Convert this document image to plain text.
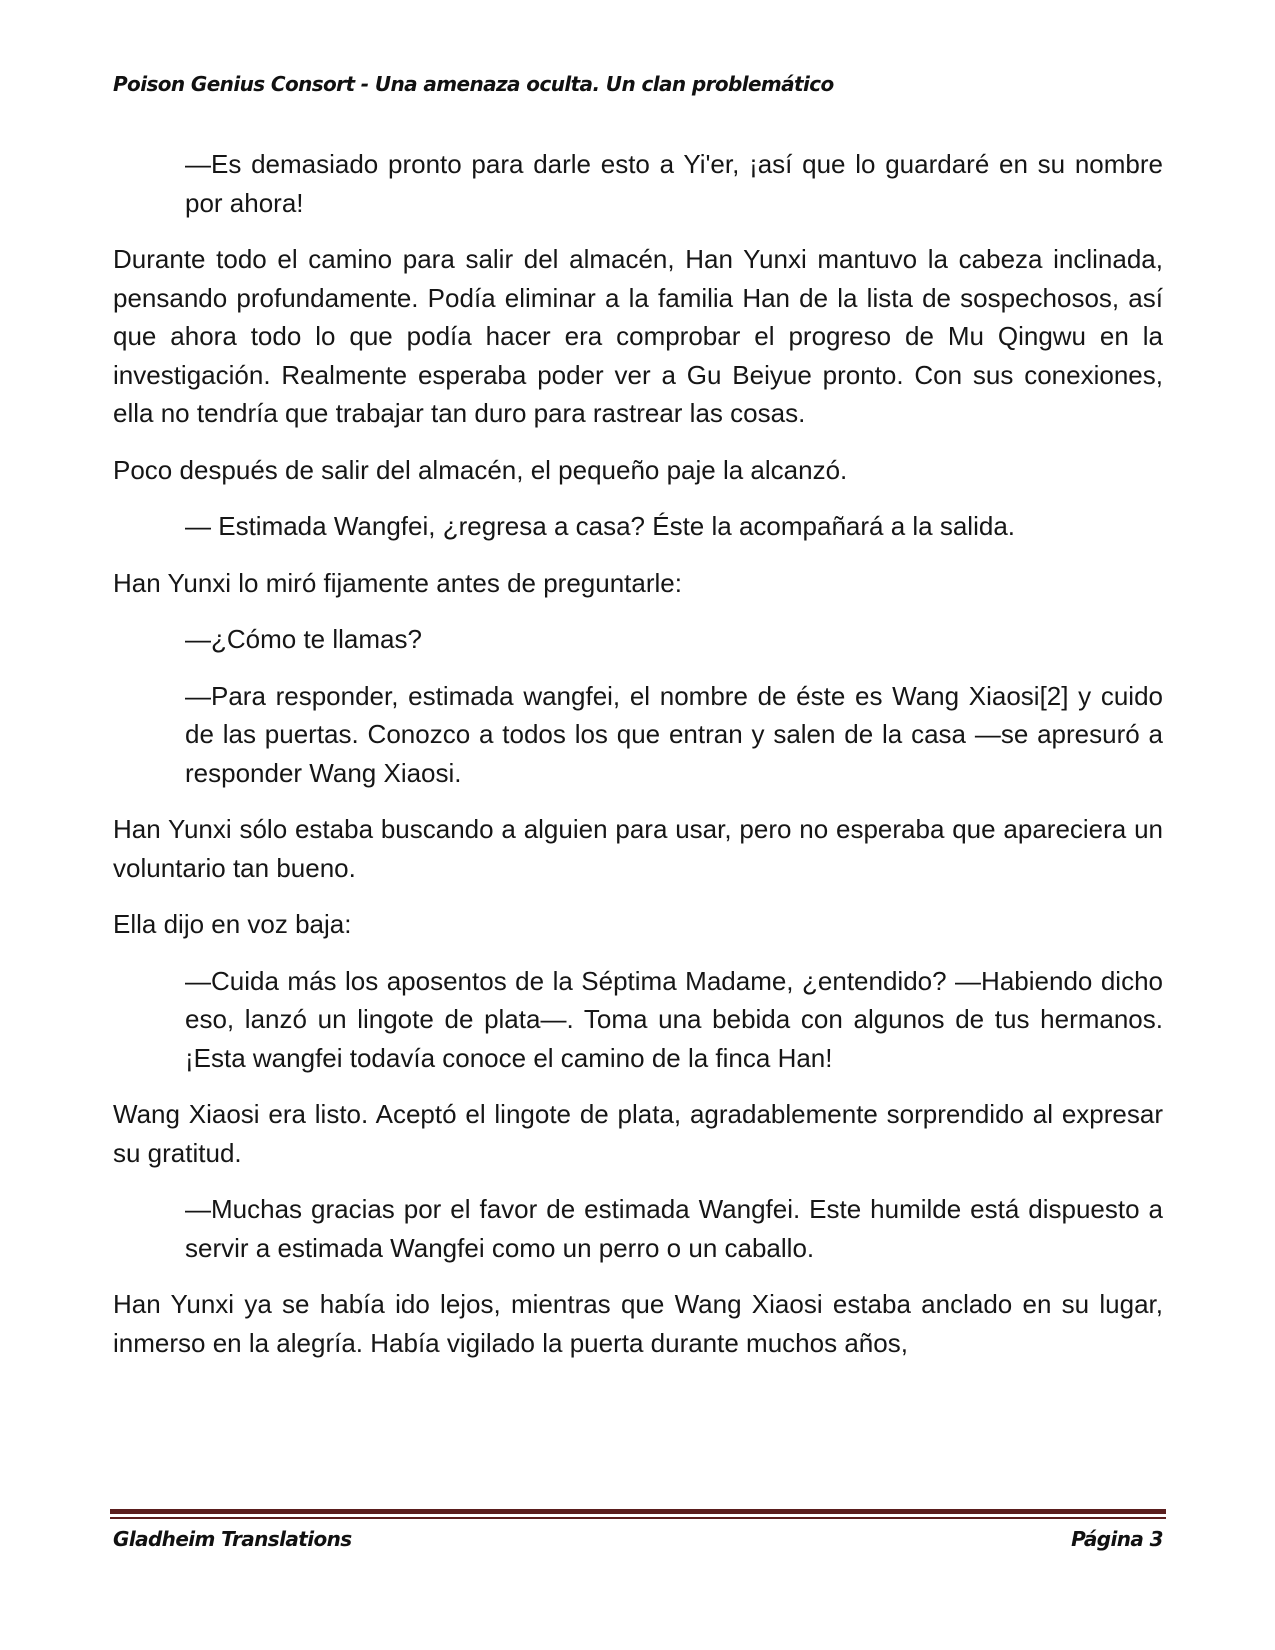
Poison Genius Consort - Una amenaza oculta. Un clan problemático

—Es demasiado pronto para darle esto a Yi'er, ¡así que lo guardaré en su nombre por ahora!

Durante todo el camino para salir del almacén, Han Yunxi mantuvo la cabeza inclinada, pensando profundamente. Podía eliminar a la familia Han de la lista de sospechosos, así que ahora todo lo que podía hacer era comprobar el progreso de Mu Qingwu en la investigación. Realmente esperaba poder ver a Gu Beiyue pronto. Con sus conexiones, ella no tendría que trabajar tan duro para rastrear las cosas.

Poco después de salir del almacén, el pequeño paje la alcanzó.

— Estimada Wangfei, ¿regresa a casa? Éste la acompañará a la salida.

Han Yunxi lo miró fijamente antes de preguntarle:

—¿Cómo te llamas?

—Para responder, estimada wangfei, el nombre de éste es Wang Xiaosi[2] y cuido de las puertas. Conozco a todos los que entran y salen de la casa —se apresuró a responder Wang Xiaosi.

Han Yunxi sólo estaba buscando a alguien para usar, pero no esperaba que apareciera un voluntario tan bueno.

Ella dijo en voz baja:

—Cuida más los aposentos de la Séptima Madame, ¿entendido? —Habiendo dicho eso, lanzó un lingote de plata—. Toma una bebida con algunos de tus hermanos. ¡Esta wangfei todavía conoce el camino de la finca Han!

Wang Xiaosi era listo. Aceptó el lingote de plata, agradablemente sorprendido al expresar su gratitud.

—Muchas gracias por el favor de estimada Wangfei. Este humilde está dispuesto a servir a estimada Wangfei como un perro o un caballo.

Han Yunxi ya se había ido lejos, mientras que Wang Xiaosi estaba anclado en su lugar, inmerso en la alegría. Había vigilado la puerta durante muchos años,

Gladheim Translations	Página 3
